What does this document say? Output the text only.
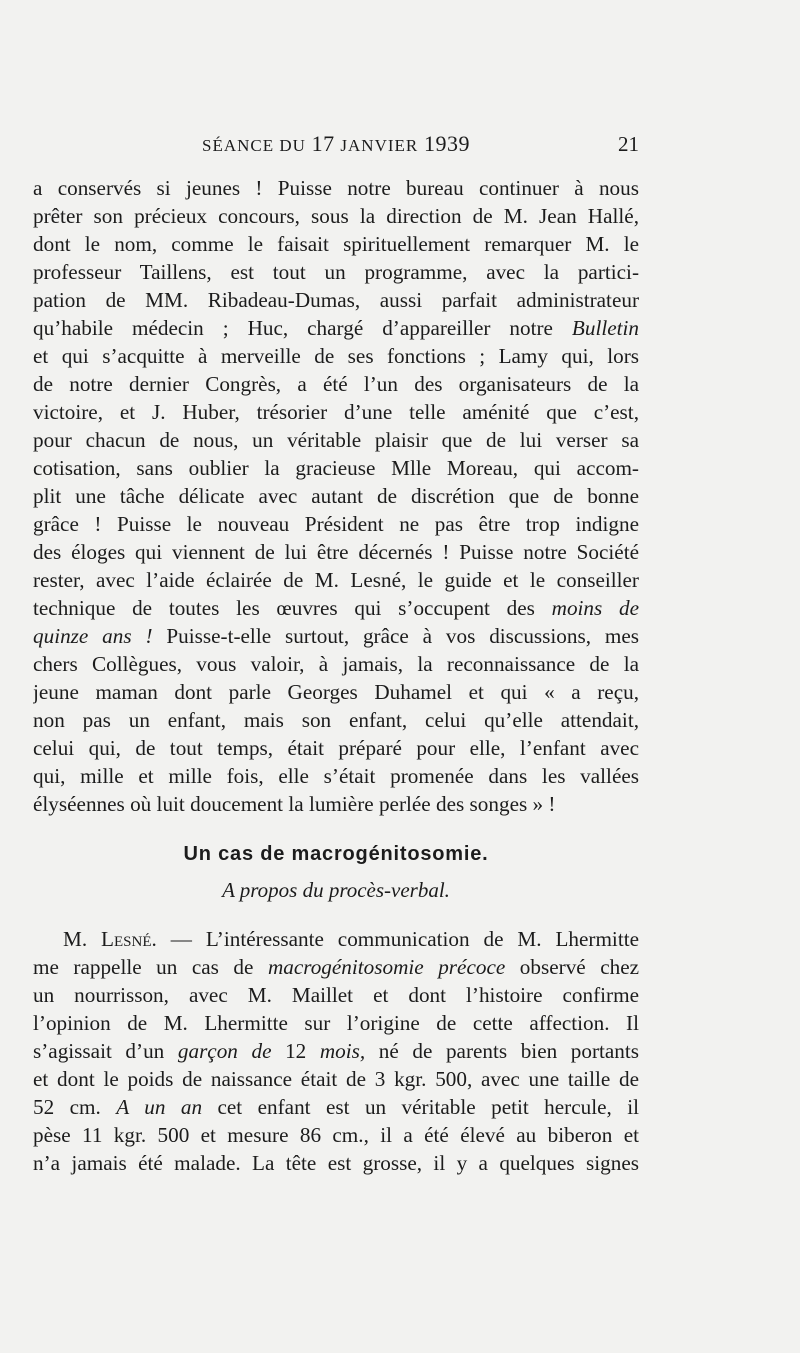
SÉANCE DU 17 JANVIER 1939	21
a conservés si jeunes ! Puisse notre bureau continuer à nous
prêter son précieux concours, sous la direction de M. Jean Hallé,
dont le nom, comme le faisait spirituellement remarquer M. le
professeur Taillens, est tout un programme, avec la partici-
pation de MM. Ribadeau-Dumas, aussi parfait administrateur
qu’habile médecin ; Huc, chargé d’appareiller notre Bulletin
et qui s’acquitte à merveille de ses fonctions ; Lamy qui, lors
de notre dernier Congrès, a été l’un des organisateurs de la
victoire, et J. Huber, trésorier d’une telle aménité que c’est,
pour chacun de nous, un véritable plaisir que de lui verser sa
cotisation, sans oublier la gracieuse Mlle Moreau, qui accom-
plit une tâche délicate avec autant de discrétion que de bonne
grâce ! Puisse le nouveau Président ne pas être trop indigne
des éloges qui viennent de lui être décernés ! Puisse notre Société
rester, avec l’aide éclairée de M. Lesné, le guide et le conseiller
technique de toutes les œuvres qui s’occupent des moins de
quinze ans ! Puisse-t-elle surtout, grâce à vos discussions, mes
chers Collègues, vous valoir, à jamais, la reconnaissance de la
jeune maman dont parle Georges Duhamel et qui « a reçu,
non pas un enfant, mais son enfant, celui qu’elle attendait,
celui qui, de tout temps, était préparé pour elle, l’enfant avec
qui, mille et mille fois, elle s’était promenée dans les vallées
élyséennes où luit doucement la lumière perlée des songes » !
Un cas de macrogénitosomie.
A propos du procès-verbal.
M. Lesné. — L’intéressante communication de M. Lhermitte
me rappelle un cas de macrogénitosomie précoce observé chez
un nourrisson, avec M. Maillet et dont l’histoire confirme
l’opinion de M. Lhermitte sur l’origine de cette affection. Il
s’agissait d’un garçon de 12 mois, né de parents bien portants
et dont le poids de naissance était de 3 kgr. 500, avec une taille de
52 cm. A un an cet enfant est un véritable petit hercule, il
pèse 11 kgr. 500 et mesure 86 cm., il a été élevé au biberon et
n’a jamais été malade. La tête est grosse, il y a quelques signes
